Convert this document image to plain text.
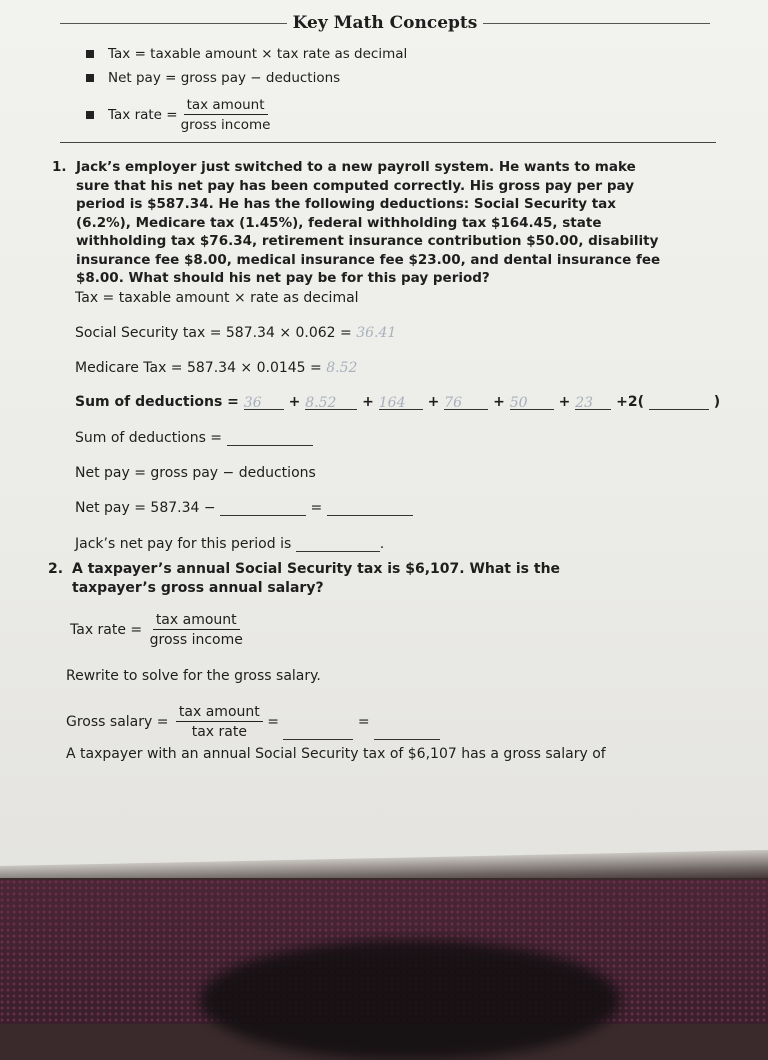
Key Math Concepts
Tax = taxable amount × tax rate as decimal
Net pay = gross pay − deductions
Tax rate = $\frac{\text{tax amount}}{\text{gross income}}$
1. Jack’s employer just switched to a new payroll system. He wants to make sure that his net pay has been computed correctly. His gross pay per pay period is $587.34. He has the following deductions: Social Security tax (6.2%), Medicare tax (1.45%), federal withholding tax $164.45, state withholding tax $76.34, retirement insurance contribution $50.00, disability insurance fee $8.00, medical insurance fee $23.00, and dental insurance fee $8.00. What should his net pay be for this pay period?
Tax = taxable amount × rate as decimal
Social Security tax = 587.34 × 0.062 = 36.41
Medicare Tax = 587.34 × 0.0145 = 8.52
Sum of deductions = 36 + 8.52 + 164 + 76 + 50 + 23 +2(	)
Sum of deductions =
Net pay = gross pay − deductions
Net pay = 587.34 −	=
Jack’s net pay for this period is	.
2. A taxpayer’s annual Social Security tax is $6,107. What is the taxpayer’s gross annual salary?
Tax rate = $\frac{\text{tax amount}}{\text{gross income}}$
Rewrite to solve for the gross salary.
Gross salary = $\frac{\text{tax amount}}{\text{tax rate}}$ =	=
A taxpayer with an annual Social Security tax of $6,107 has a gross salary of
